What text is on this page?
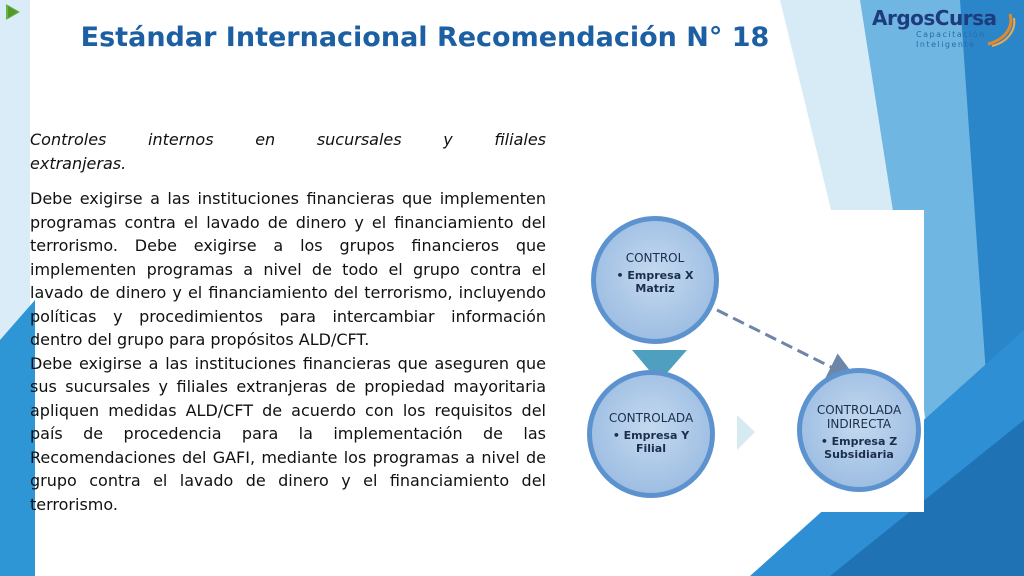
ArgosCursa
Capacitación
Inteligente
Estándar Internacional Recomendación N° 18

Controles internos en sucursales y filiales

extranjeras.

Debe exigirse a las instituciones financieras que implementen programas contra el lavado de dinero y el financiamiento del terrorismo. Debe exigirse a los grupos financieros que implementen programas a nivel de todo el grupo contra el lavado de dinero y el financiamiento del terrorismo, incluyendo políticas y procedimientos para intercambiar información dentro del grupo para propósitos ALD/CFT.

Debe exigirse a las instituciones financieras que aseguren que sus sucursales y filiales extranjeras de propiedad mayoritaria apliquen medidas ALD/CFT de acuerdo con los requisitos del país de procedencia para la implementación de las Recomendaciones del GAFI, mediante los programas a nivel de grupo contra el lavado de dinero y el financiamiento del terrorismo.

CONTROL
• Empresa X
Matriz
CONTROLADA
• Empresa Y
Filial
CONTROLADA
INDIRECTA
• Empresa Z
Subsidiaria
